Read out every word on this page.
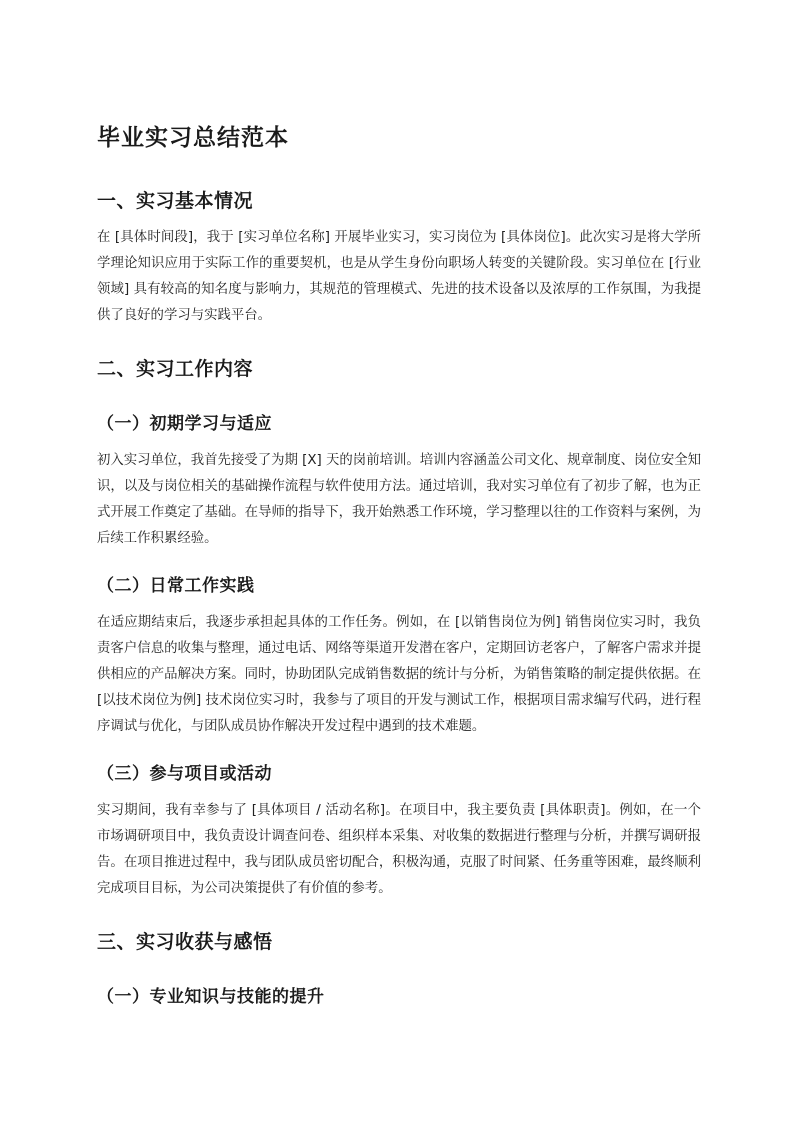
毕业实习总结范本
一、实习基本情况

在 [具体时间段]，我于 [实习单位名称] 开展毕业实习，实习岗位为 [具体岗位]。此次实习是将大学所学理论知识应用于实际工作的重要契机，也是从学生身份向职场人转变的关键阶段。实习单位在 [行业领域] 具有较高的知名度与影响力，其规范的管理模式、先进的技术设备以及浓厚的工作氛围，为我提供了良好的学习与实践平台。

二、实习工作内容
（一）初期学习与适应

初入实习单位，我首先接受了为期 [X] 天的岗前培训。培训内容涵盖公司文化、规章制度、岗位安全知识，以及与岗位相关的基础操作流程与软件使用方法。通过培训，我对实习单位有了初步了解，也为正式开展工作奠定了基础。在导师的指导下，我开始熟悉工作环境，学习整理以往的工作资料与案例，为后续工作积累经验。

（二）日常工作实践

在适应期结束后，我逐步承担起具体的工作任务。例如，在 [以销售岗位为例] 销售岗位实习时，我负责客户信息的收集与整理，通过电话、网络等渠道开发潜在客户，定期回访老客户，了解客户需求并提供相应的产品解决方案。同时，协助团队完成销售数据的统计与分析，为销售策略的制定提供依据。在 [以技术岗位为例] 技术岗位实习时，我参与了项目的开发与测试工作，根据项目需求编写代码，进行程序调试与优化，与团队成员协作解决开发过程中遇到的技术难题。

（三）参与项目或活动

实习期间，我有幸参与了 [具体项目 / 活动名称]。在项目中，我主要负责 [具体职责]。例如，在一个市场调研项目中，我负责设计调查问卷、组织样本采集、对收集的数据进行整理与分析，并撰写调研报告。在项目推进过程中，我与团队成员密切配合，积极沟通，克服了时间紧、任务重等困难，最终顺利完成项目目标，为公司决策提供了有价值的参考。

三、实习收获与感悟
（一）专业知识与技能的提升
